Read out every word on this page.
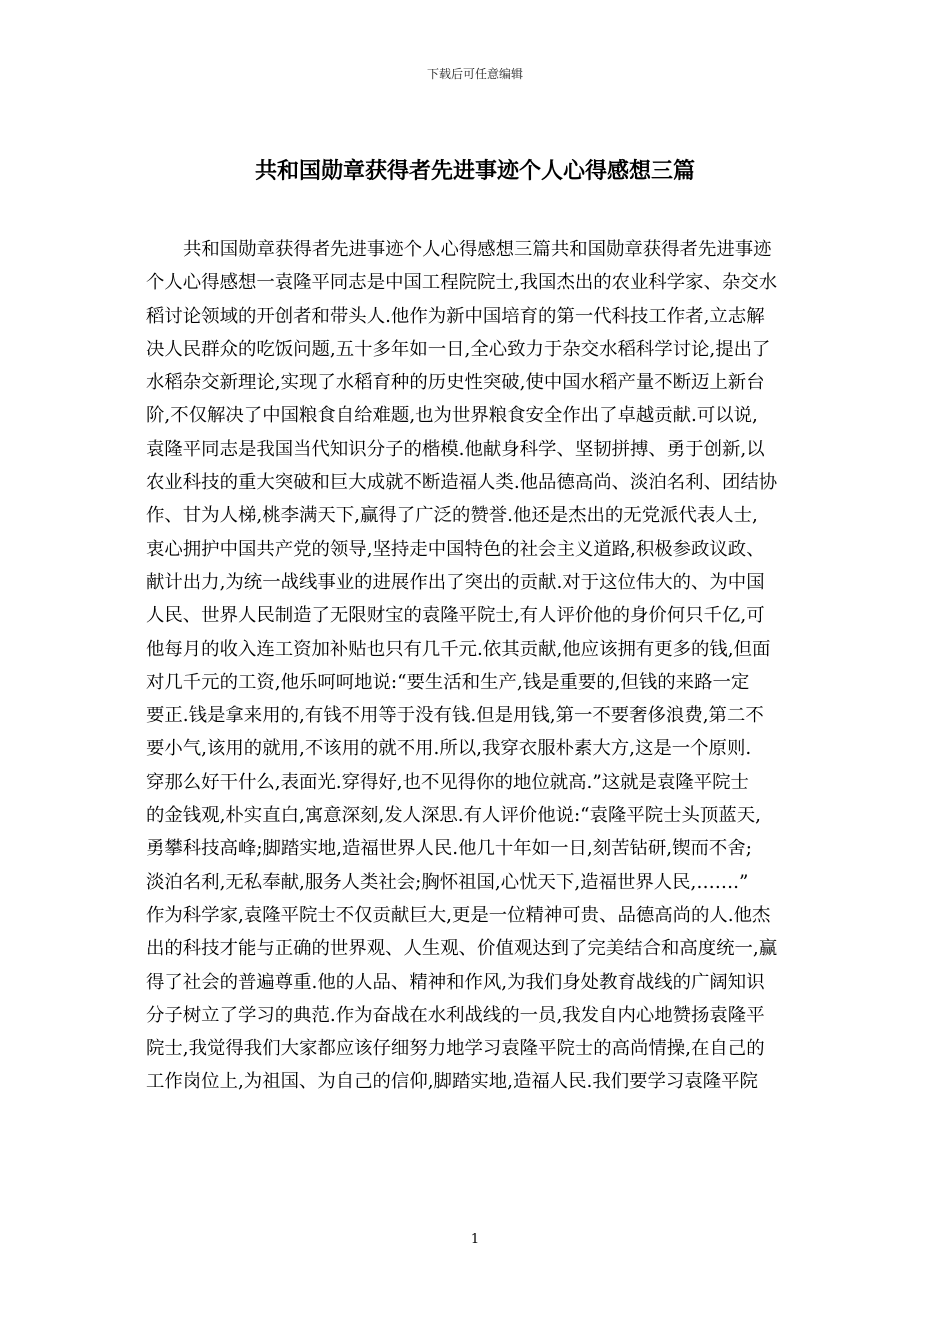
下载后可任意编辑
共和国勋章获得者先进事迹个人心得感想三篇
共和国勋章获得者先进事迹个人心得感想三篇共和国勋章获得者先进事迹
个人心得感想一袁隆平同志是中国工程院院士,我国杰出的农业科学家、杂交水
稻讨论领域的开创者和带头人.他作为新中国培育的第一代科技工作者,立志解
决人民群众的吃饭问题,五十多年如一日,全心致力于杂交水稻科学讨论,提出了
水稻杂交新理论,实现了水稻育种的历史性突破,使中国水稻产量不断迈上新台
阶,不仅解决了中国粮食自给难题,也为世界粮食安全作出了卓越贡献.可以说,
袁隆平同志是我国当代知识分子的楷模.他献身科学、坚韧拼搏、勇于创新,以
农业科技的重大突破和巨大成就不断造福人类.他品德高尚、淡泊名利、团结协
作、甘为人梯,桃李满天下,赢得了广泛的赞誉.他还是杰出的无党派代表人士,
衷心拥护中国共产党的领导,坚持走中国特色的社会主义道路,积极参政议政、
献计出力,为统一战线事业的进展作出了突出的贡献.对于这位伟大的、为中国
人民、世界人民制造了无限财宝的袁隆平院士,有人评价他的身价何只千亿,可
他每月的收入连工资加补贴也只有几千元.依其贡献,他应该拥有更多的钱,但面
对几千元的工资,他乐呵呵地说:“要生活和生产,钱是重要的,但钱的来路一定
要正.钱是拿来用的,有钱不用等于没有钱.但是用钱,第一不要奢侈浪费,第二不
要小气,该用的就用,不该用的就不用.所以,我穿衣服朴素大方,这是一个原则.
穿那么好干什么,表面光.穿得好,也不见得你的地位就高.”这就是袁隆平院士
的金钱观,朴实直白,寓意深刻,发人深思.有人评价他说:“袁隆平院士头顶蓝天,
勇攀科技高峰;脚踏实地,造福世界人民.他几十年如一日,刻苦钻研,锲而不舍;
淡泊名利,无私奉献,服务人类社会;胸怀祖国,心忧天下,造福世界人民,…….”
作为科学家,袁隆平院士不仅贡献巨大,更是一位精神可贵、品德高尚的人.他杰
出的科技才能与正确的世界观、人生观、价值观达到了完美结合和高度统一,赢
得了社会的普遍尊重.他的人品、精神和作风,为我们身处教育战线的广阔知识
分子树立了学习的典范.作为奋战在水利战线的一员,我发自内心地赞扬袁隆平
院士,我觉得我们大家都应该仔细努力地学习袁隆平院士的高尚情操,在自己的
工作岗位上,为祖国、为自己的信仰,脚踏实地,造福人民.我们要学习袁隆平院
1
